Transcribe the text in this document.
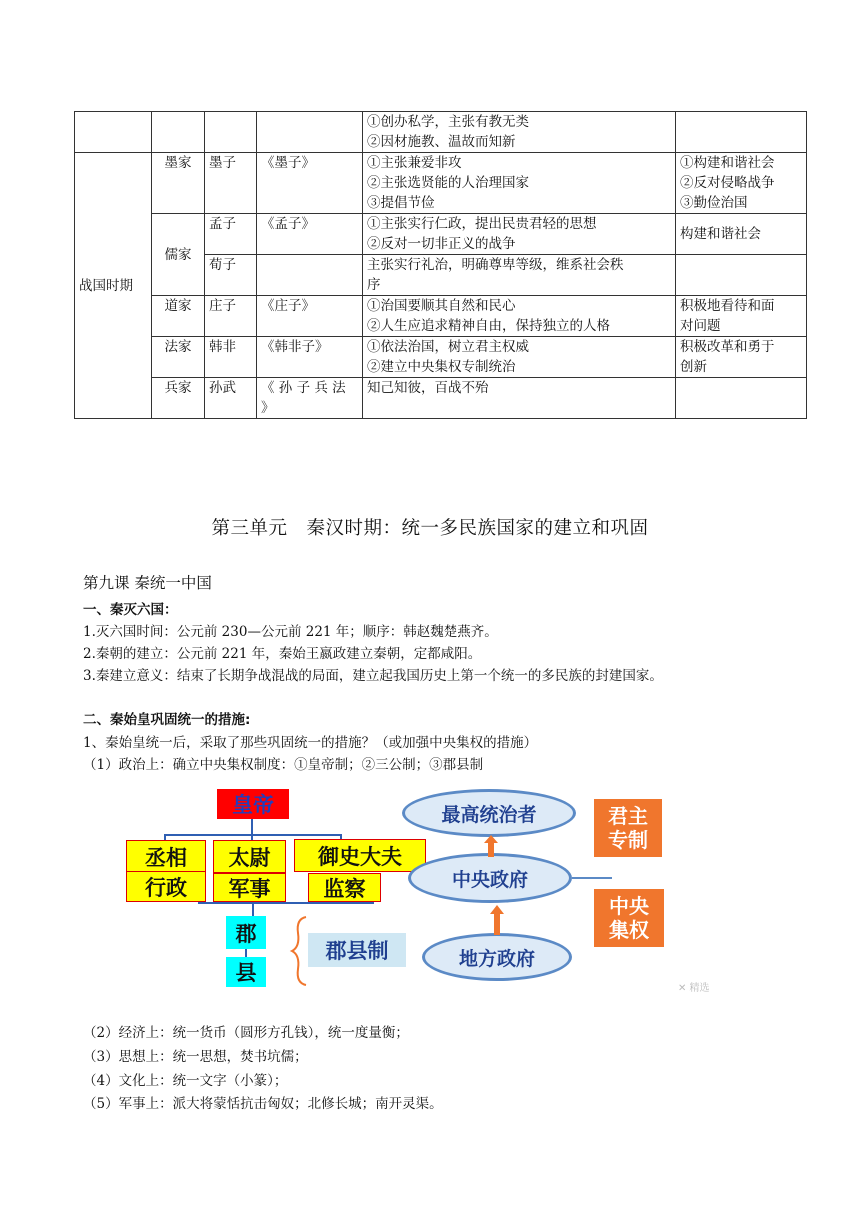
				①创办私学，主张有教无类
②因材施教、温故而知新	

战国时期	墨家	墨子	《墨子》	①主张兼爱非攻
②主张选贤能的人治理国家
③提倡节俭	①构建和谐社会
②反对侵略战争
③勤俭治国

	儒家	孟子	《孟子》	①主张实行仁政，提出民贵君轻的思想
②反对一切非正义的战争	构建和谐社会
		荀子		主张实行礼治，明确尊卑等级，维系社会秩
序	

	道家	庄子	《庄子》	①治国要顺其自然和民心
②人生应追求精神自由，保持独立的人格	积极地看待和面
对问题

	法家	韩非	《韩非子》	①依法治国，树立君主权威
②建立中央集权专制统治	积极改革和勇于
创新

	兵家	孙武	《 孙 子 兵 法
》	知己知彼，百战不殆	
第三单元　秦汉时期：统一多民族国家的建立和巩固
第九课 秦统一中国
一、秦灭六国：
1.灭六国时间：公元前 230—公元前 221 年；顺序：韩赵魏楚燕齐。
2.秦朝的建立：公元前 221 年，秦始王嬴政建立秦朝，定都咸阳。
3.秦建立意义：结束了长期争战混战的局面，建立起我国历史上第一个统一的多民族的封建国家。
二、秦始皇巩固统一的措施:
1、秦始皇统一后，采取了那些巩固统一的措施？（或加强中央集权的措施）
（1）政治上：确立中央集权制度：①皇帝制；②三公制；③郡县制
皇帝
丞相
行政
太尉
军事
御史大夫
监察
郡
县
郡县制
最高统治者
中央政府
地方政府
君主
专制
中央
集权
✕ 精选
（2）经济上：统一货币（圆形方孔钱），统一度量衡；
（3）思想上：统一思想，焚书坑儒；
（4）文化上：统一文字（小篆）；
（5）军事上：派大将蒙恬抗击匈奴；北修长城；南开灵渠。
